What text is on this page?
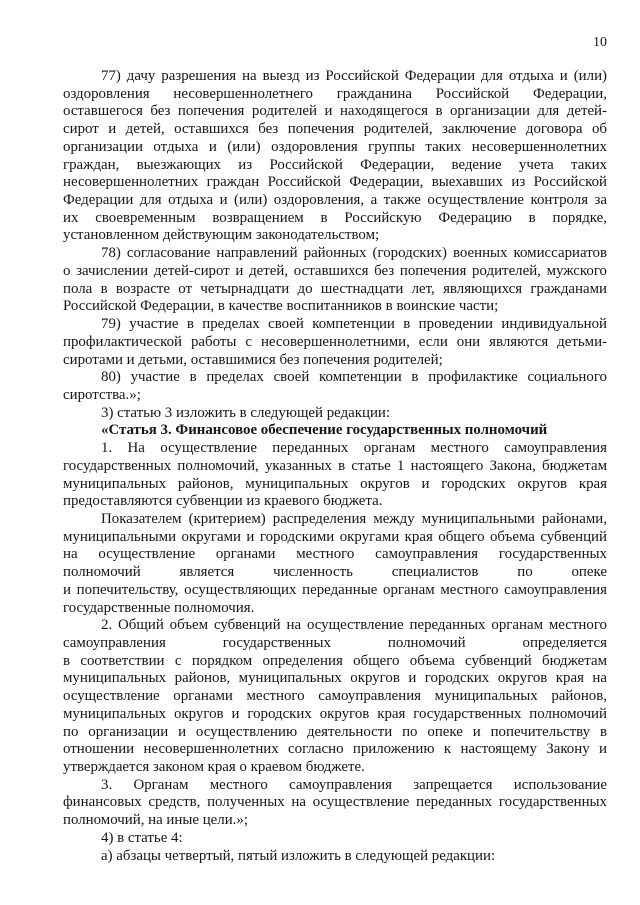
10
77) дачу разрешения на выезд из Российской Федерации для отдыха и (или)
оздоровления несовершеннолетнего гражданина Российской Федерации,
оставшегося без попечения родителей и находящегося в организации для детей-
сирот и детей, оставшихся без попечения родителей, заключение договора об
организации отдыха и (или) оздоровления группы таких несовершеннолетних
граждан, выезжающих из Российской Федерации, ведение учета таких
несовершеннолетних граждан Российской Федерации, выехавших из Российской
Федерации для отдыха и (или) оздоровления, а также осуществление контроля за
их своевременным возвращением в Российскую Федерацию в порядке,
установленном действующим законодательством;
78) согласование направлений районных (городских) военных комиссариатов
о зачислении детей-сирот и детей, оставшихся без попечения родителей, мужского
пола в возрасте от четырнадцати до шестнадцати лет, являющихся гражданами
Российской Федерации, в качестве воспитанников в воинские части;
79) участие в пределах своей компетенции в проведении индивидуальной
профилактической работы с несовершеннолетними, если они являются детьми-
сиротами и детьми, оставшимися без попечения родителей;
80) участие в пределах своей компетенции в профилактике социального
сиротства.»;
3) статью 3 изложить в следующей редакции:
«Статья 3. Финансовое обеспечение государственных полномочий
1. На осуществление переданных органам местного самоуправления
государственных полномочий, указанных в статье 1 настоящего Закона, бюджетам
муниципальных районов, муниципальных округов и городских округов края
предоставляются субвенции из краевого бюджета.
Показателем (критерием) распределения между муниципальными районами,
муниципальными округами и городскими округами края общего объема субвенций
на осуществление органами местного самоуправления государственных
полномочий является численность специалистов по опеке
и попечительству, осуществляющих переданные органам местного самоуправления
государственные полномочия.
2. Общий объем субвенций на осуществление переданных органам местного
самоуправления государственных полномочий определяется
в соответствии с порядком определения общего объема субвенций бюджетам
муниципальных районов, муниципальных округов и городских округов края на
осуществление органами местного самоуправления муниципальных районов,
муниципальных округов и городских округов края государственных полномочий
по организации и осуществлению деятельности по опеке и попечительству в
отношении несовершеннолетних согласно приложению к настоящему Закону и
утверждается законом края о краевом бюджете.
3. Органам местного самоуправления запрещается использование
финансовых средств, полученных на осуществление переданных государственных
полномочий, на иные цели.»;
4) в статье 4:
а) абзацы четвертый, пятый изложить в следующей редакции:
